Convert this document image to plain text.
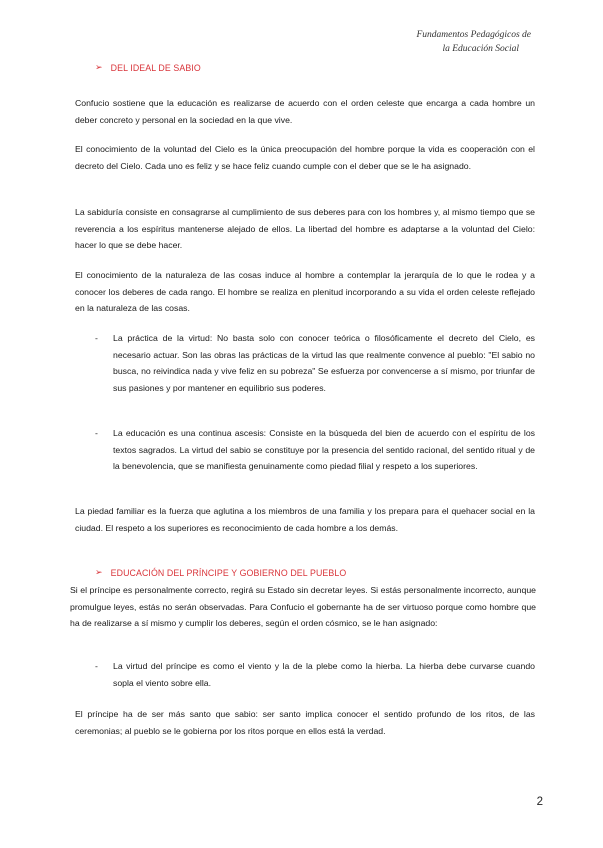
Fundamentos Pedagógicos de
la Educación Social
➢ DEL IDEAL DE SABIO

Confucio sostiene que la educación es realizarse de acuerdo con el orden celeste que encarga a cada hombre un deber concreto y personal en la sociedad en la que vive.

El conocimiento de la voluntad del Cielo es la única preocupación del hombre porque la vida es cooperación con el decreto del Cielo. Cada uno es feliz y se hace feliz cuando cumple con el deber que se le ha asignado.

La sabiduría consiste en consagrarse al cumplimiento de sus deberes para con los hombres y, al mismo tiempo que se reverencia a los espíritus mantenerse alejado de ellos. La libertad del hombre es adaptarse a la voluntad del Cielo: hacer lo que se debe hacer.

El conocimiento de la naturaleza de las cosas induce al hombre a contemplar la jerarquía de lo que le rodea y a conocer los deberes de cada rango. El hombre se realiza en plenitud incorporando a su vida el orden celeste reflejado en la naturaleza de las cosas.

- La práctica de la virtud: No basta solo con conocer teórica o filosóficamente el decreto del Cielo, es necesario actuar. Son las obras las prácticas de la virtud las que realmente convence al pueblo: "El sabio no busca, no reivindica nada y vive feliz en su pobreza" Se esfuerza por convencerse a sí mismo, por triunfar de sus pasiones y por mantener en equilibrio sus poderes.
- La educación es una continua ascesis: Consiste en la búsqueda del bien de acuerdo con el espíritu de los textos sagrados. La virtud del sabio se constituye por la presencia del sentido racional, del sentido ritual y de la benevolencia, que se manifiesta genuinamente como piedad filial y respeto a los superiores.

La piedad familiar es la fuerza que aglutina a los miembros de una familia y los prepara para el quehacer social en la ciudad. El respeto a los superiores es reconocimiento de cada hombre a los demás.

➢ EDUCACIÓN DEL PRÍNCIPE Y GOBIERNO DEL PUEBLO

Si el príncipe es personalmente correcto, regirá su Estado sin decretar leyes. Si estás personalmente incorrecto, aunque promulgue leyes, estás no serán observadas. Para Confucio el gobernante ha de ser virtuoso porque como hombre que ha de realizarse a sí mismo y cumplir los deberes, según el orden cósmico, se le han asignado:

- La virtud del príncipe es como el viento y la de la plebe como la hierba. La hierba debe curvarse cuando sopla el viento sobre ella.

El príncipe ha de ser más santo que sabio: ser santo implica conocer el sentido profundo de los ritos, de las ceremonias; al pueblo se le gobierna por los ritos porque en ellos está la verdad.

2
